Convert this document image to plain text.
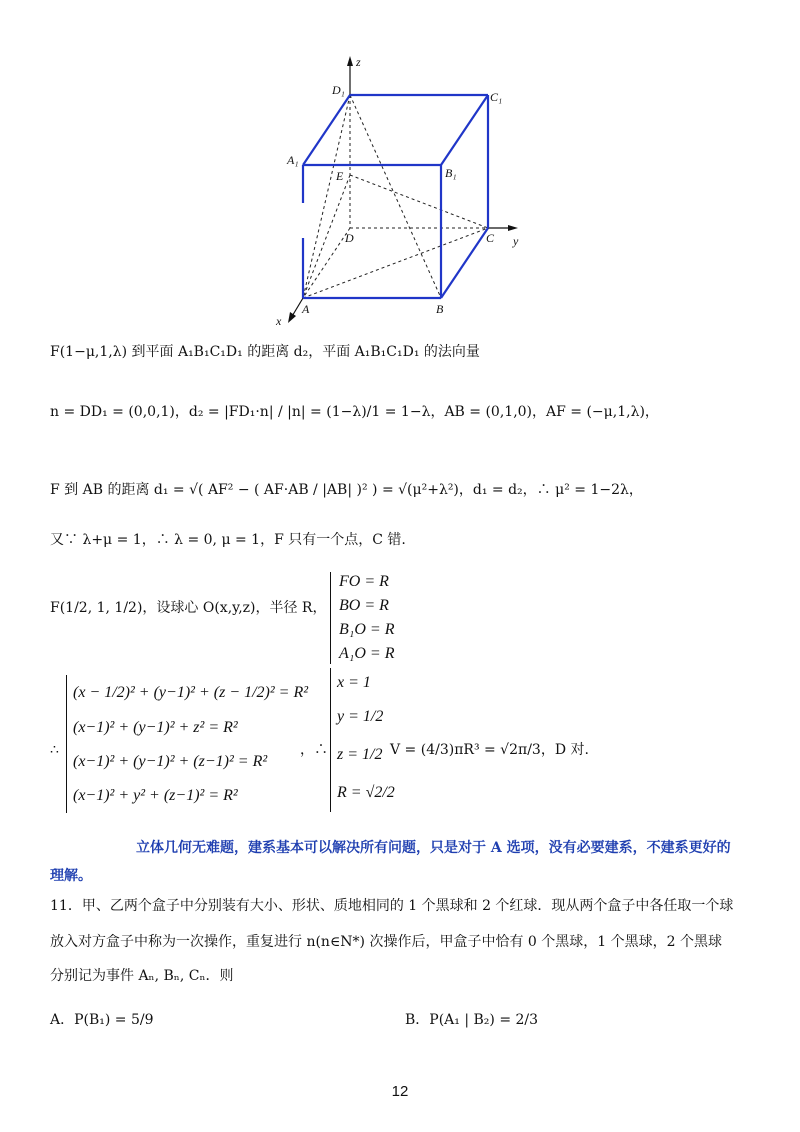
z
y
x
D₁	C₁
A₁
B₁
E
D	C
A	B
F(1−μ,1,λ) 到平面 A₁B₁C₁D₁ 的距离 d₂，平面 A₁B₁C₁D₁ 的法向量
n = DD₁ = (0,0,1)，d₂ = |FD₁·n| / |n| = (1−λ)/1 = 1−λ，AB = (0,1,0)，AF = (−μ,1,λ)，
F 到 AB 的距离 d₁ = √( AF² − ( AF·AB / |AB| )² ) = √(μ²+λ²)，d₁ = d₂，∴ μ² = 1−2λ，
又∵ λ+μ = 1，∴ λ = 0, μ = 1，F 只有一个点，C 错.
F(1/2, 1, 1/2)，设球心 O(x,y,z)，半径 R，
FO = R
BO = R
B₁O = R
A₁O = R
∴
(x − 1/2)² + (y−1)² + (z − 1/2)² = R²
(x−1)² + (y−1)² + z² = R²
(x−1)² + (y−1)² + (z−1)² = R²
(x−1)² + y² + (z−1)² = R²
，∴
x = 1
y = 1/2
z = 1/2
R = √2/2
V = (4/3)πR³ = √2π/3，D 对.
立体几何无难题，建系基本可以解决所有问题，只是对于 A 选项，没有必要建系，不建系更好的
理解。
11．甲、乙两个盒子中分别装有大小、形状、质地相同的 1 个黑球和 2 个红球．现从两个盒子中各任取一个球
放入对方盒子中称为一次操作，重复进行 n(n∈N*) 次操作后，甲盒子中恰有 0 个黑球，1 个黑球，2 个黑球
分别记为事件 Aₙ, Bₙ, Cₙ．则
A．P(B₁) = 5/9	B．P(A₁ | B₂) = 2/3
12
